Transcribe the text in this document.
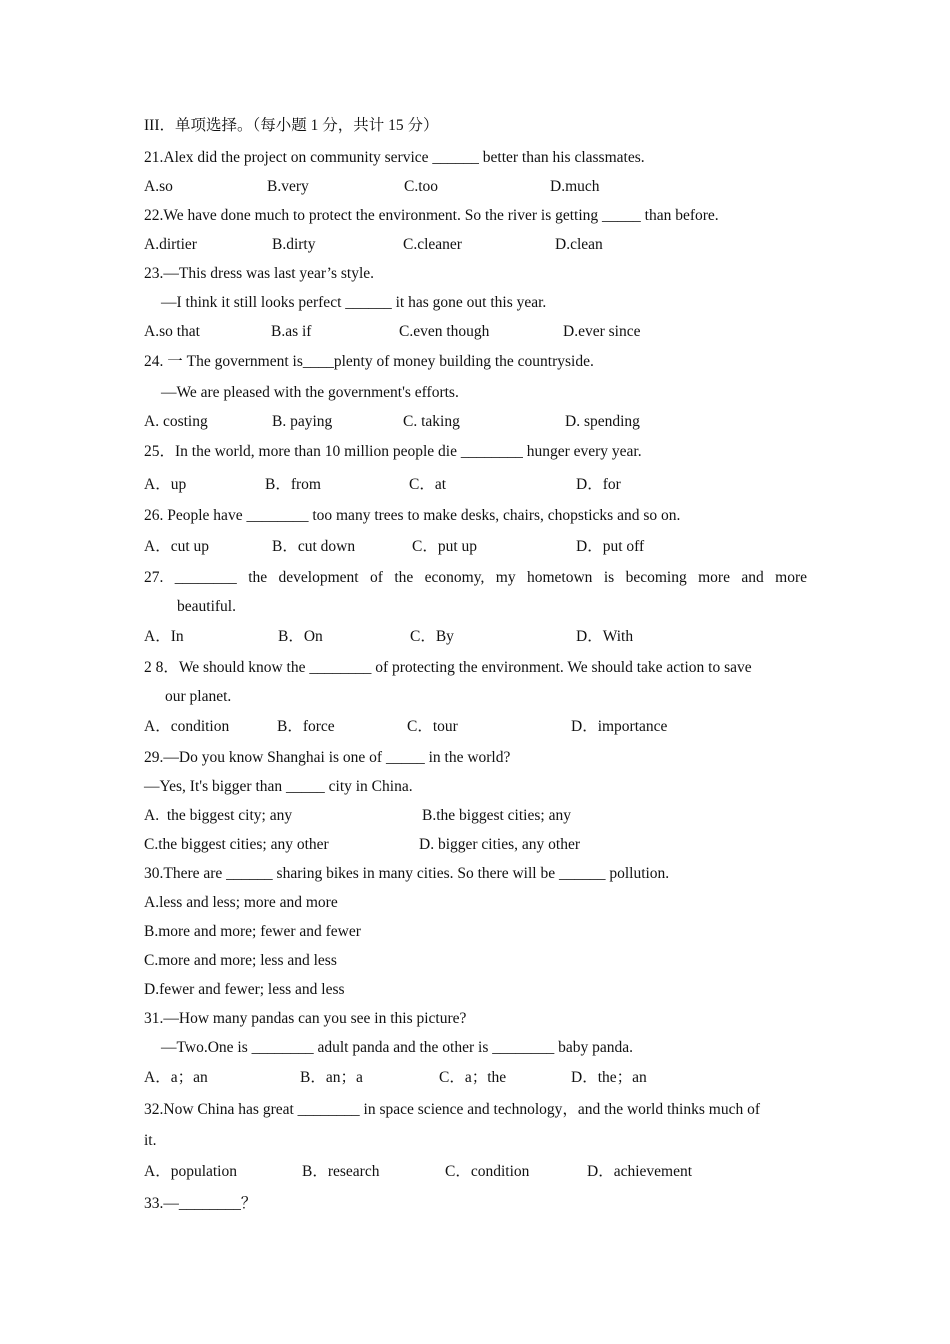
III．单项选择。（每小题 1 分，共计 15 分）
21.Alex did the project on community service ______ better than his classmates.
A.so	B.very	C.too	D.much
22.We have done much to protect the environment. So the river is getting _____ than before.
A.dirtier	B.dirty	C.cleaner	D.clean
23.—This dress was last year’s style.
—I think it still looks perfect ______ it has gone out this year.
A.so that	B.as if	C.even though	D.ever since
24. 一 The government is____plenty of money building the countryside.
—We are pleased with the government's efforts.
A. costing	B. paying	C. taking	D. spending
25．In the world, more than 10 million people die ________ hunger every year.
A．up	B．from	C．at	D．for
26. People have ________ too many trees to make desks, chairs, chopsticks and so on.
A．cut up	B．cut down	C．put up	D．put off
27. ________ the development of the economy, my hometown is becoming more and more
beautiful.
A．In	B．On	C．By	D．With
2 8．We should know the ________ of protecting the environment. We should take action to save
our planet.
A．condition	B．force	C．tour	D．importance
29.—Do you know Shanghai is one of _____ in the world?
—Yes, It's bigger than _____ city in China.
A.  the biggest city; any	B.the biggest cities; any
C.the biggest cities; any other	D. bigger cities, any other
30.There are ______ sharing bikes in many cities. So there will be ______ pollution.
A.less and less; more and more
B.more and more; fewer and fewer
C.more and more; less and less
D.fewer and fewer; less and less
31.—How many pandas can you see in this picture?
—Two.One is ________ adult panda and the other is ________ baby panda.
A．a；an	B．an；a	C．a；the	D．the；an
32.Now China has great ________ in space science and technology，and the world thinks much of
it.
A．population	B．research	C．condition	D．achievement
33.—________？
